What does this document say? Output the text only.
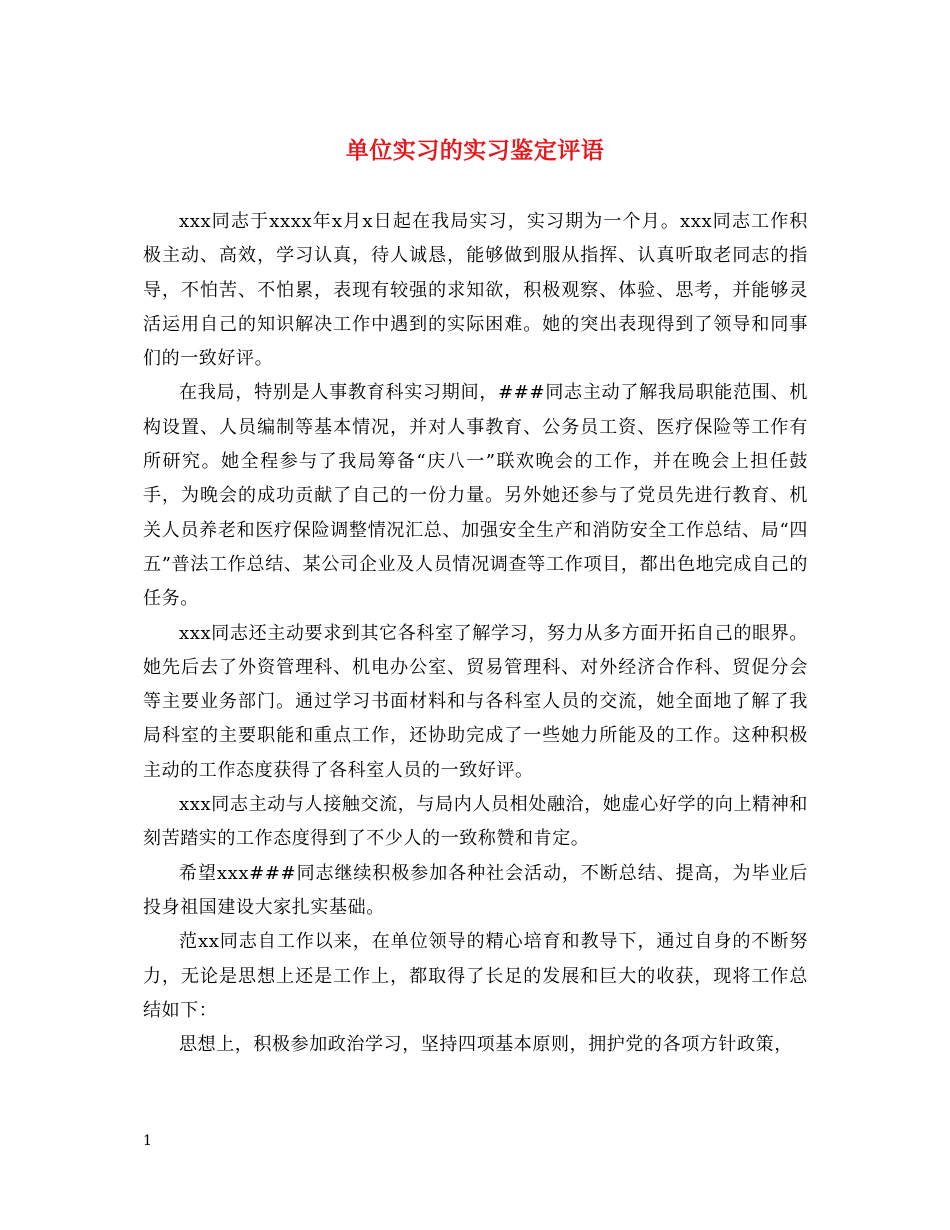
单位实习的实习鉴定评语

xxx同志于xxxx年x月x日起在我局实习，实习期为一个月。xxx同志工作积极主动、高效，学习认真，待人诚恳，能够做到服从指挥、认真听取老同志的指导，不怕苦、不怕累，表现有较强的求知欲，积极观察、体验、思考，并能够灵活运用自己的知识解决工作中遇到的实际困难。她的突出表现得到了领导和同事们的一致好评。

在我局，特别是人事教育科实习期间，###同志主动了解我局职能范围、机构设置、人员编制等基本情况，并对人事教育、公务员工资、医疗保险等工作有所研究。她全程参与了我局筹备“庆八一”联欢晚会的工作，并在晚会上担任鼓手，为晚会的成功贡献了自己的一份力量。另外她还参与了党员先进行教育、机关人员养老和医疗保险调整情况汇总、加强安全生产和消防安全工作总结、局“四五”普法工作总结、某公司企业及人员情况调查等工作项目，都出色地完成自己的任务。

xxx同志还主动要求到其它各科室了解学习，努力从多方面开拓自己的眼界。她先后去了外资管理科、机电办公室、贸易管理科、对外经济合作科、贸促分会等主要业务部门。通过学习书面材料和与各科室人员的交流，她全面地了解了我局科室的主要职能和重点工作，还协助完成了一些她力所能及的工作。这种积极主动的工作态度获得了各科室人员的一致好评。

xxx同志主动与人接触交流，与局内人员相处融洽，她虚心好学的向上精神和刻苦踏实的工作态度得到了不少人的一致称赞和肯定。

希望xxx###同志继续积极参加各种社会活动，不断总结、提高，为毕业后投身祖国建设大家扎实基础。

范xx同志自工作以来，在单位领导的精心培育和教导下，通过自身的不断努力，无论是思想上还是工作上，都取得了长足的发展和巨大的收获，现将工作总结如下：

思想上，积极参加政治学习，坚持四项基本原则，拥护党的各项方针政策，

1
